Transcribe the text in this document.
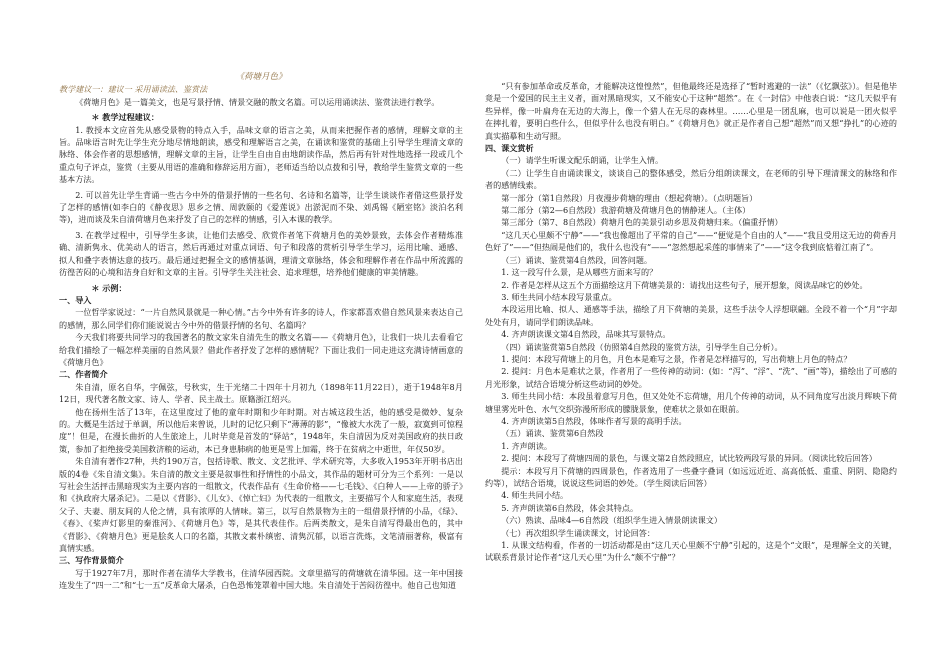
《荷塘月色》

教学建议一：建议一 采用诵读法、鉴赏法

《荷塘月色》是一篇美文，也是写景抒情、情景交融的散文名篇。可以运用诵读法、鉴赏法进行教学。

＊ 教学过程建议：

1. 教授本文应首先从感受景物的特点入手，品味文章的语言之美，从而来把握作者的感情，理解文章的主旨。品味语言时先让学生充分地尽情地朗读，感受和理解语言之美，在诵读和鉴赏的基础上引导学生理清文章的脉络、体会作者的思想感情，理解文章的主旨，让学生自由自由地朗读作品，然后再有针对性地选择一段或几个重点句子评点，鉴赏（主要从用语的准确和修辞运用方面），老师适当给以点拨和引导，教给学生鉴赏文章的一些基本方法。

2. 可以首先让学生背诵一些古今中外的借景抒情的一些名句、名诗和名篇等，让学生谈谈作者借这些景抒发了怎样的感情(如李白的《静夜思》思乡之情、周敦颐的《爱莲说》出淤泥而不染、刘禹锡《陋室铭》淡泊名利等)，进而谈及朱自清荷塘月色来抒发了自己的怎样的情感，引入本课的教学。

3. 在教学过程中，引导学生多读，让他们去感受、欣赏作者笔下荷塘月色的美妙景致，去体会作者精炼准确、清新隽永、优美动人的语言，然后再通过对重点词语、句子和段落的赏析引导学生学习，运用比喻、通感、拟人和叠字表情达意的技巧。最后通过把握全文的感情基调，理清文章脉络，体会和理解作者在作品中所流露的彷徨苦闷的心境和洁身自好和文章的主旨。引导学生关注社会、追求理想，培养他们健康的审美情趣。

＊ 示例：

一、导入

一位哲学家说过：“一片自然风景就是一种心情。”古今中外有许多的诗人，作家都喜欢借自然风景来表达自己的感情，那么同学们你们能说说古今中外的借景抒情的名句、名篇吗？

今天我们将要共同学习的我国著名的散文家朱自清先生的散文名篇——《荷塘月色》，让我们一块儿去看看它给我们描绘了一幅怎样美丽的自然风景？借此作者抒发了怎样的感情呢？下面让我们一同走进这充满诗情画意的《荷塘月色》

二、作者简介

朱自清，原名自华，字佩弦，号秋实，生于光绪二十四年十月初九（1898年11月22日），逝于1948年8月12日，现代著名散文家、诗人、学者、民主战士。原籍浙江绍兴。

他在扬州生活了13年，在这里度过了他的童年时期和少年时期。对古城这段生活，他的感受是微妙、复杂的。大概是生活过于单调，所以他后来曾说，儿时的记忆只剩下“薄薄的影”，“像被大水洗了一般，寂寞到可惊程度”！但是，在漫长曲折的人生旅途上，儿时毕竟是首发的“驿站”，1948年，朱自清因为反对美国政府的扶日政策，参加了拒绝接受美国救济粮的运动，本已身患肺病的他更是雪上加霜，终于在贫病之中逝世，年仅50岁。

朱自清有著作27种，共约190万言，包括诗歌、散文、文艺批评、学术研究等，大多收入1953年开明书店出版的4卷《朱自清文集》。朱自清的散文主要是叙事性和抒情性的小品文，其作品的题材可分为三个系列：一是以写社会生活抨击黑暗现实为主要内容的一组散文，代表作品有《生命价格——七毛钱》、《白种人——上帝的骄子》和《执政府大屠杀记》。二是以《背影》、《儿女》、《悼亡妇》为代表的一组散文，主要描写个人和家庭生活，表现父子、夫妻、朋友间的人伦之情，具有浓厚的人情味。第三，以写自然景物为主的一组借景抒情的小品，《绿》、《春》、《桨声灯影里的秦淮河》、《荷塘月色》等，是其代表佳作。后两类散文，是朱自清写得最出色的，其中《背影》、《荷塘月色》更是脍炙人口的名篇，其散文素朴缜密、清隽沉郁，以语言洗炼，文笔清丽著称，极富有真情实感。

三、写作背景简介

写于1927年7月，那时作者在清华大学教书，住清华园西院。文章里描写的荷塘就在清华园。这一年中国接连发生了“四一二”和“七一五”反革命大屠杀，白色恐怖笼罩着中国大地。朱自清处于苦闷彷徨中。他自己也知道

“只有参加革命或反革命，才能解决这惶惶然”，但他最终还是选择了“暂时逃避的一法”（《忆飘弦》）。但是他毕竟是一个爱国的民主主义者，面对黑暗现实，又不能安心于这种“超然”。在《一封信》中他表白说：“这几天似乎有些异样，像一叶扁舟在无边的大海上，像一个猎人在无尽的森林里。……心里是一团乱麻，也可以说是一团火似乎在摔扎着，要明白些什么，但似乎什么也没有明白。”《荷塘月色》就正是作者自己想“超然”而又想“挣扎”的心迹的真实描摹和生动写照。

四、课文赏析

（一）请学生听课文配乐朗诵，让学生入情。

（二）让学生自由诵读课文，谈谈自己的整体感受，然后分组朗读课文，在老师的引导下理清课文的脉络和作者的感情线索。

第一部分（第1自然段）月夜漫步荷塘的理由（想起荷塘）。（点明题旨）

第二部分（第2—6自然段）我游荷塘及荷塘月色的情静迷人。（主体）

第三部分（第7、8自然段）荷塘月色的美景引动乡思及荷塘归来。（偏重抒情）

“这几天心里颇不宁静”——“我也像超出了平常的自己”——“便觉是个自由的人”——“我且受用这无边的荷香月色好了”——“但热闹是他们的，我什么也没有”——“忽然想起采莲的事情来了”——“这令我到底惦着江南了”。

（三）诵读、鉴赏第4自然段，回答问题。

1. 这一段写什么景，是从哪些方面来写的？

2. 作者是怎样从这五个方面描绘这月下荷塘美景的：请找出这些句子，展开想象，阅读品味它的妙处。

3. 师生共同小结本段写景重点。

本段运用比喻、拟人、通感等手法，描绘了月下荷塘的美景，这些手法令人浮想联翩。全段不着一个“月”字却处处有月，请同学们朗读品味。

4. 齐声朗读课文第4自然段，品味其写景特点。

（四）诵读鉴赏第5自然段（仿照第4自然段的鉴赏方法，引导学生自己分析）。

1. 提问：本段写荷塘上的月色，月色本是难写之景，作者是怎样描写的，写出荷塘上月色的特点？

2. 提问：月色本是难状之景，作者用了一些传神的动词：(如：“泻”、“浮”、“洗”、“画”等)，描绘出了可感的月光形象，试结合语境分析这些动词的妙处。

3. 师生共同小结：本段虽着意写月色，但又处处不忘荷塘，用几个传神的动词，从不同角度写出淡月辉映下荷塘里雾光叶色、水气交织弥漫所形成的朦胧景象，使难状之景如在眼前。

4. 齐声朗读第5自然段，体味作者写景的高明手法。

（五）诵读、鉴赏第6自然段

1. 齐声朗读。

2. 提问：本段写了荷塘四周的景色，与课文第2自然段照应，试比较两段写景的异同。（阅读比较后回答）

提示：本段写月下荷塘的四周景色，作者选用了一些叠字叠词（如远远近近、高高低低、重重、阴阴、隐隐约约等），试结合语境，说说这些词语的妙处。（学生阅读后回答）

4. 师生共同小结。

5. 齐声朗读第6自然段，体会其特点。

（六）熟读、品味4—6自然段（组织学生进入情景朗读课文）

（七）再次组织学生诵读课文，讨论回答：

1. 从课文结构看，作者的一切活动都是由“这几天心里颇不宁静”引起的，这是个“文眼”，是理解全文的关键，试联系背景讨论作者“这几天心里”为什么“颇不宁静”？
